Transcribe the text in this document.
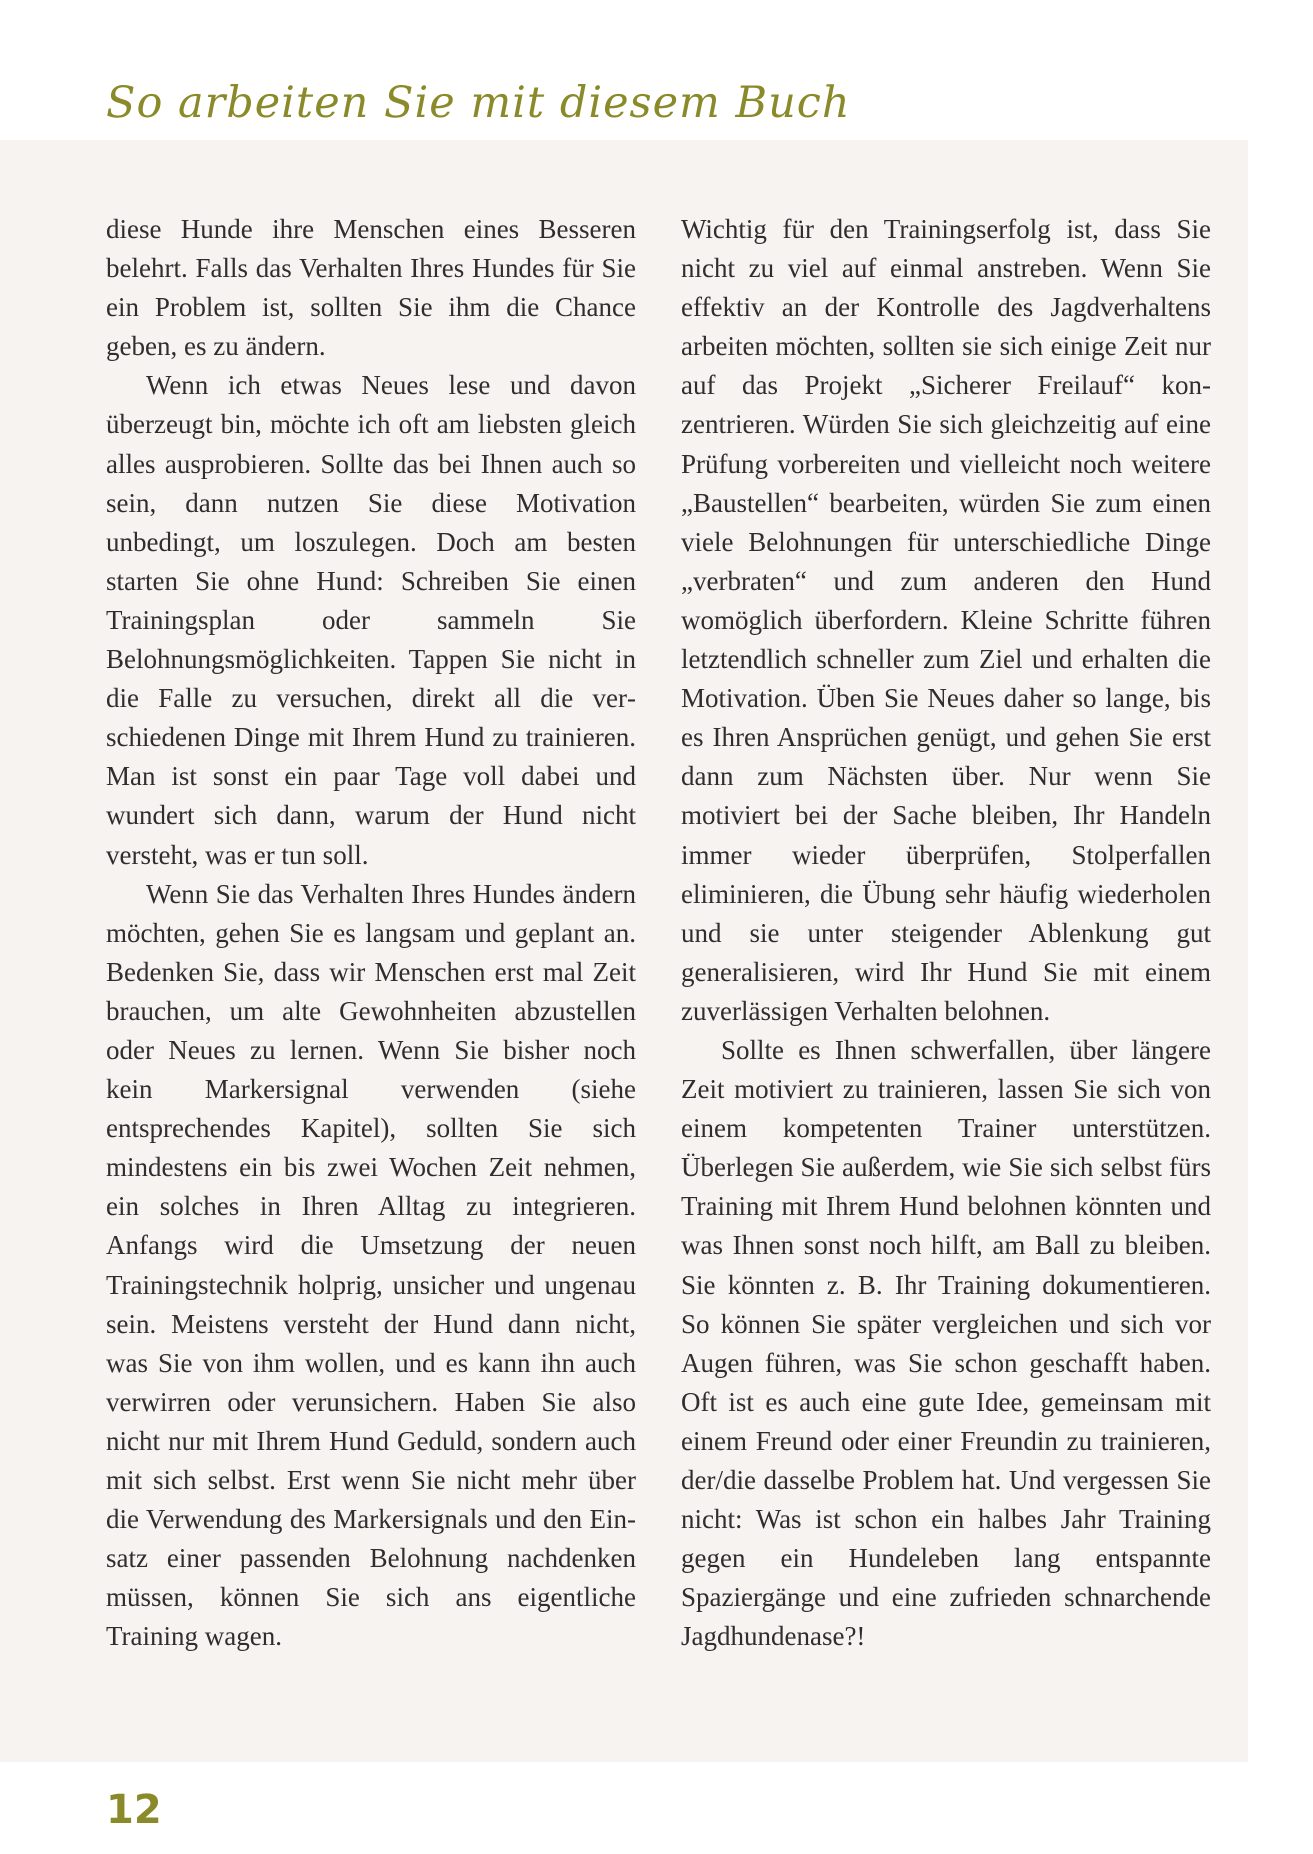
So arbeiten Sie mit diesem Buch

diese Hunde ihre Menschen eines Besseren belehrt. Falls das Verhalten Ihres Hundes für Sie ein Problem ist, sollten Sie ihm die Chance geben, es zu ändern.

Wenn ich etwas Neues lese und davon überzeugt bin, möchte ich oft am liebsten gleich alles ausprobieren. Sollte das bei Ihnen auch so sein, dann nutzen Sie diese Motivation unbedingt, um loszulegen. Doch am besten starten Sie ohne Hund: Schreiben Sie einen Trainingsplan oder sammeln Sie Belohnungsmöglichkeiten. Tappen Sie nicht in die Falle zu versuchen, direkt all die verschiedenen Dinge mit Ihrem Hund zu trainieren. Man ist sonst ein paar Tage voll dabei und wundert sich dann, warum der Hund nicht versteht, was er tun soll.

Wenn Sie das Verhalten Ihres Hundes ändern möchten, gehen Sie es langsam und geplant an. Bedenken Sie, dass wir Menschen erst mal Zeit brauchen, um alte Gewohnheiten abzustellen oder Neues zu lernen. Wenn Sie bisher noch kein Markersignal verwenden (siehe entsprechendes Kapitel), sollten Sie sich mindestens ein bis zwei Wochen Zeit nehmen, ein solches in Ihren Alltag zu integrieren. Anfangs wird die Umsetzung der neuen Trainingstechnik holprig, unsicher und ungenau sein. Meistens versteht der Hund dann nicht, was Sie von ihm wollen, und es kann ihn auch verwirren oder verunsichern. Haben Sie also nicht nur mit Ihrem Hund Geduld, sondern auch mit sich selbst. Erst wenn Sie nicht mehr über die Verwendung des Markersignals und den Einsatz einer passenden Belohnung nachdenken müssen, können Sie sich ans eigentliche Training wagen.

Wichtig für den Trainingserfolg ist, dass Sie nicht zu viel auf einmal anstreben. Wenn Sie effektiv an der Kontrolle des Jagdverhaltens arbeiten möchten, sollten sie sich einige Zeit nur auf das Projekt „Sicherer Freilauf“ konzentrieren. Würden Sie sich gleichzeitig auf eine Prüfung vorbereiten und vielleicht noch weitere „Baustellen“ bearbeiten, würden Sie zum einen viele Belohnungen für unterschiedliche Dinge „verbraten“ und zum anderen den Hund womöglich überfordern. Kleine Schritte führen letztendlich schneller zum Ziel und erhalten die Motivation. Üben Sie Neues daher so lange, bis es Ihren Ansprüchen genügt, und gehen Sie erst dann zum Nächsten über. Nur wenn Sie motiviert bei der Sache bleiben, Ihr Handeln immer wieder überprüfen, Stolperfallen eliminieren, die Übung sehr häufig wiederholen und sie unter steigender Ablenkung gut generalisieren, wird Ihr Hund Sie mit einem zuverlässigen Verhalten belohnen.

Sollte es Ihnen schwerfallen, über längere Zeit motiviert zu trainieren, lassen Sie sich von einem kompetenten Trainer unterstützen. Überlegen Sie außerdem, wie Sie sich selbst fürs Training mit Ihrem Hund belohnen könnten und was Ihnen sonst noch hilft, am Ball zu bleiben. Sie könnten z. B. Ihr Training dokumentieren. So können Sie später vergleichen und sich vor Augen führen, was Sie schon geschafft haben. Oft ist es auch eine gute Idee, gemeinsam mit einem Freund oder einer Freundin zu trainieren, der/die dasselbe Problem hat. Und vergessen Sie nicht: Was ist schon ein halbes Jahr Training gegen ein Hundeleben lang entspannte Spaziergänge und eine zufrieden schnarchende Jagdhundenase?!

12
